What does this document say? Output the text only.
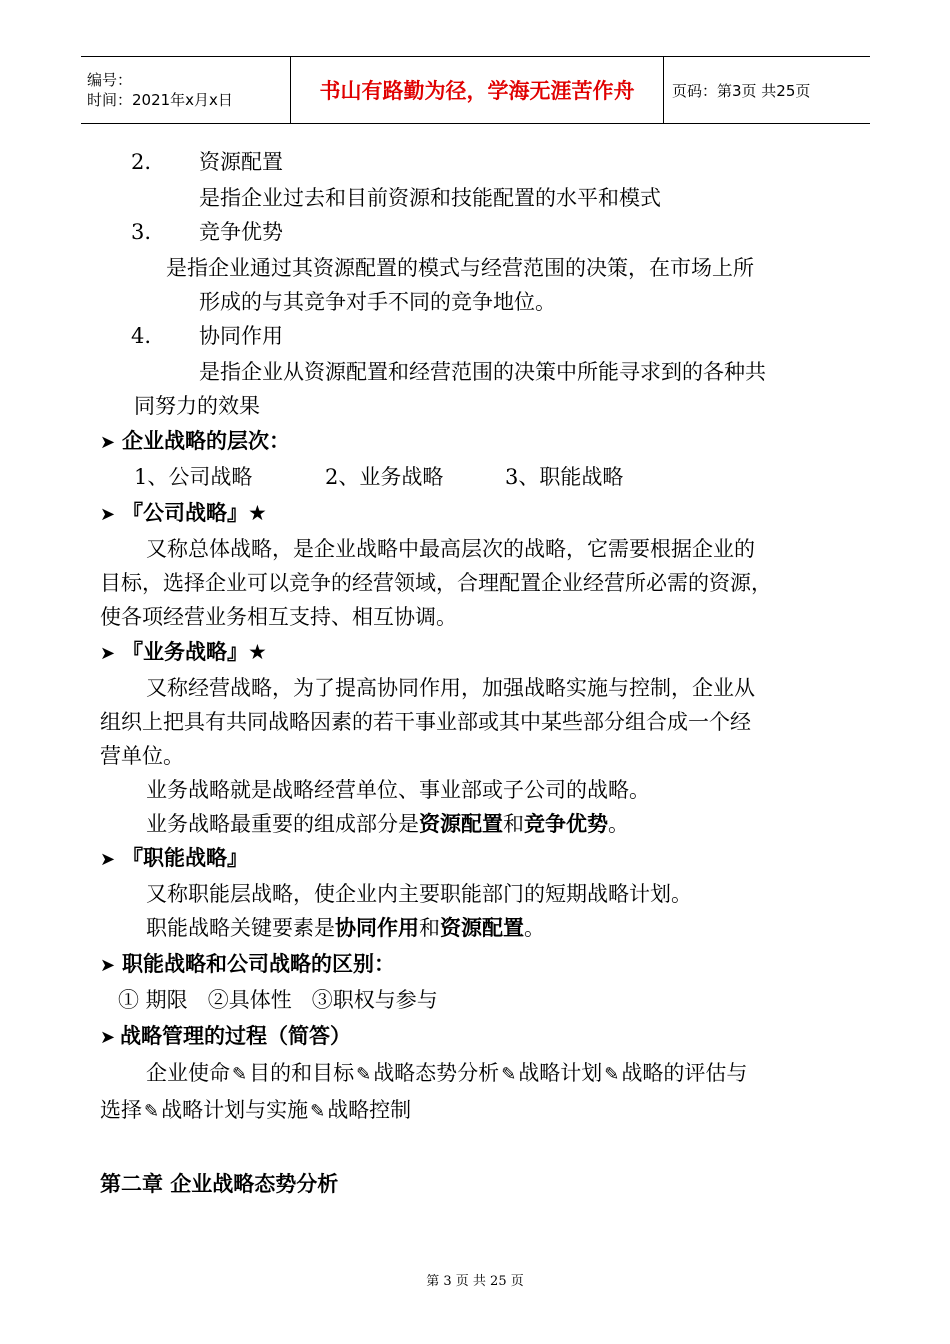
编号：
时间：2021年x月x日	书山有路勤为径，学海无涯苦作舟	页码：第3页 共25页
2. 资源配置
是指企业过去和目前资源和技能配置的水平和模式
3. 竞争优势
是指企业通过其资源配置的模式与经营范围的决策，在市场上所
形成的与其竞争对手不同的竞争地位。
4. 协同作用
是指企业从资源配置和经营范围的决策中所能寻求到的各种共
同努力的效果
➤ 企业战略的层次：
1、公司战略	2、业务战略	3、职能战略
➤ 『公司战略』★
又称总体战略，是企业战略中最高层次的战略，它需要根据企业的
目标，选择企业可以竞争的经营领域，合理配置企业经营所必需的资源，
使各项经营业务相互支持、相互协调。
➤ 『业务战略』★
又称经营战略，为了提高协同作用，加强战略实施与控制，企业从
组织上把具有共同战略因素的若干事业部或其中某些部分组合成一个经
营单位。
业务战略就是战略经营单位、事业部或子公司的战略。
业务战略最重要的组成部分是资源配置和竞争优势。
➤ 『职能战略』
又称职能层战略，使企业内主要职能部门的短期战略计划。
职能战略关键要素是协同作用和资源配置。
➤ 职能战略和公司战略的区别：
① 期限   ②具体性   ③职权与参与
➤ 战略管理的过程（简答）
企业使命 ✎目的和目标 ✎战略态势分析 ✎战略计划 ✎战略的评估与
选择 ✎战略计划与实施 ✎战略控制
第二章 企业战略态势分析
第 3 页 共 25 页
